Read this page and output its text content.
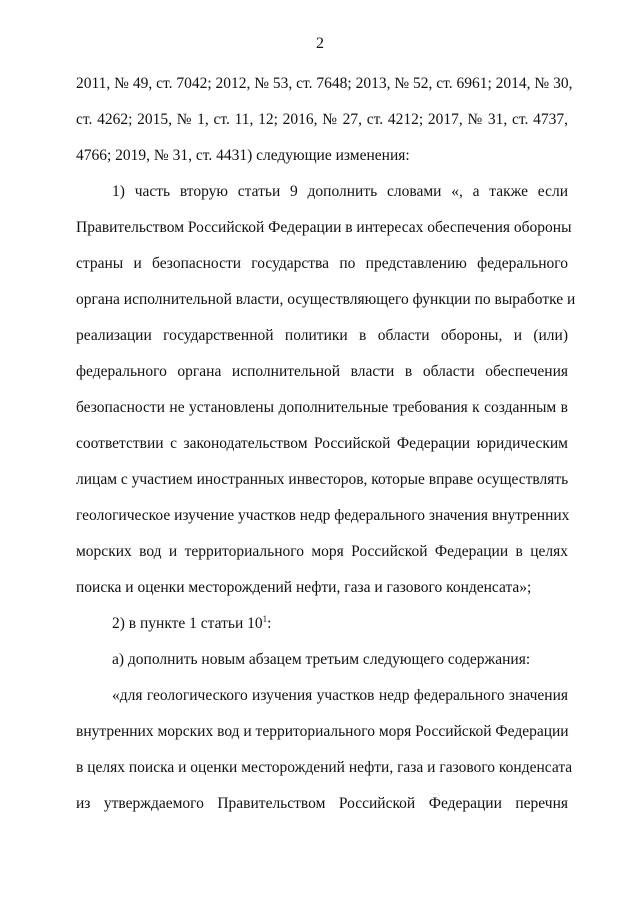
2

2011, № 49, ст. 7042; 2012, № 53, ст. 7648; 2013, № 52, ст. 6961; 2014, № 30,

ст. 4262; 2015, № 1, ст. 11, 12; 2016, № 27, ст. 4212; 2017, № 31, ст. 4737,

4766; 2019, № 31, ст. 4431) следующие изменения:

1) часть вторую статьи 9 дополнить словами «, а также если

Правительством Российской Федерации в интересах обеспечения обороны

страны и безопасности государства по представлению федерального

органа исполнительной власти, осуществляющего функции по выработке и

реализации государственной политики в области обороны, и (или)

федерального органа исполнительной власти в области обеспечения

безопасности не установлены дополнительные требования к созданным в

соответствии с законодательством Российской Федерации юридическим

лицам с участием иностранных инвесторов, которые вправе осуществлять

геологическое изучение участков недр федерального значения внутренних

морских вод и территориального моря Российской Федерации в целях

поиска и оценки месторождений нефти, газа и газового конденсата»;

2) в пункте 1 статьи $10^1$:

а) дополнить новым абзацем третьим следующего содержания:

«для геологического изучения участков недр федерального значения

внутренних морских вод и территориального моря Российской Федерации

в целях поиска и оценки месторождений нефти, газа и газового конденсата

из утверждаемого Правительством Российской Федерации перечня
